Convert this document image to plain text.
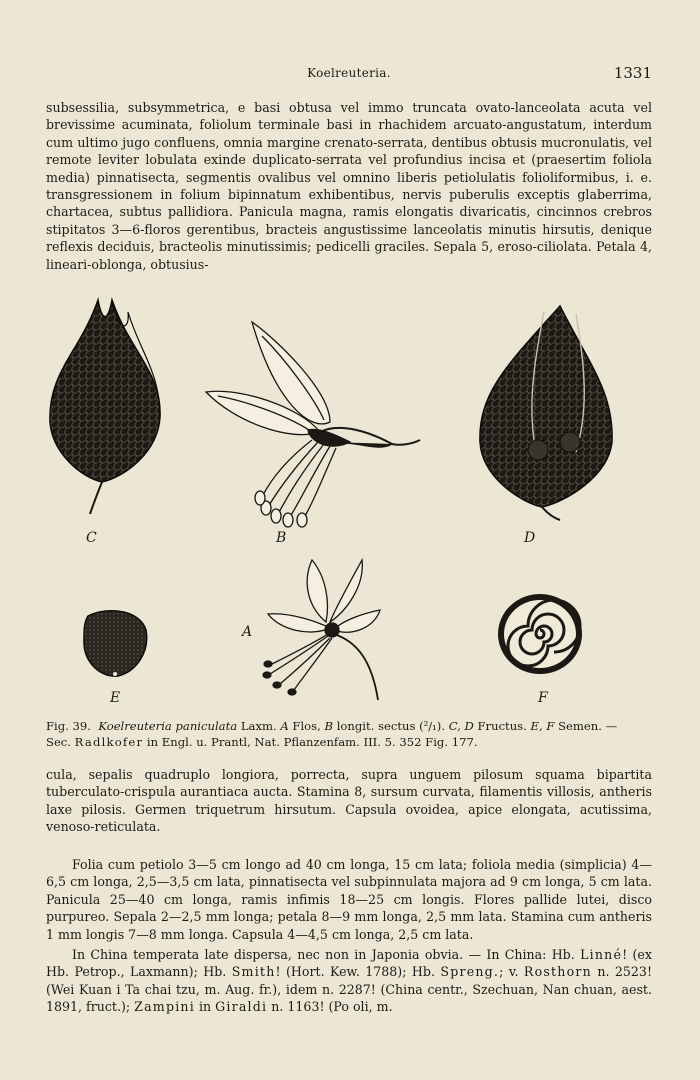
Koelreuteria.	1331

subsessilia, subsymmetrica, e basi obtusa vel immo truncata ovato-lanceolata acuta vel brevissime acuminata, foliolum terminale basi in rhachidem arcuato-angustatum, interdum cum ultimo jugo confluens, omnia margine crenato-serrata, dentibus obtusis mucronulatis, vel remote leviter lobulata exinde duplicato-serrata vel profundius incisa et (praesertim foliola media) pinnatisecta, segmentis ovalibus vel omnino liberis petiolulatis folioliformibus, i. e. transgressionem in folium bipinnatum exhibentibus, nervis puberulis exceptis glaberrima, chartacea, subtus pallidiora. Panicula magna, ramis elongatis divaricatis, cincinnos crebros stipitatos 3—6-floros gerentibus, bracteis angustissime lanceolatis minutis hirsutis, denique reflexis deciduis, bracteolis minutissimis; pedicelli graciles. Sepala 5, eroso-ciliolata. Petala 4, lineari-oblonga, obtusius-

C	B	D
A
E	F

Fig. 39. Koelreuteria paniculata Laxm. A Flos, B longit. sectus (²/₁). C, D Fructus. E, F Semen. —
Sec. Radlkofer in Engl. u. Prantl, Nat. Pflanzenfam. III. 5. 352 Fig. 177.

cula, sepalis quadruplo longiora, porrecta, supra unguem pilosum squama bipartita tuberculato-crispula aurantiaca aucta. Stamina 8, sursum curvata, filamentis villosis, antheris laxe pilosis. Germen triquetrum hirsutum. Capsula ovoidea, apice elongata, acutissima, venoso-reticulata.

Folia cum petiolo 3—5 cm longo ad 40 cm longa, 15 cm lata; foliola media (simplicia) 4—6,5 cm longa, 2,5—3,5 cm lata, pinnatisecta vel subpinnulata majora ad 9 cm longa, 5 cm lata. Panicula 25—40 cm longa, ramis infimis 18—25 cm longis. Flores pallide lutei, disco purpureo. Sepala 2—2,5 mm longa; petala 8—9 mm longa, 2,5 mm lata. Stamina cum antheris 1 mm longis 7—8 mm longa. Capsula 4—4,5 cm longa, 2,5 cm lata.

In China temperata late dispersa, nec non in Japonia obvia. — In China: Hb. Linné! (ex Hb. Petrop., Laxmann); Hb. Smith! (Hort. Kew. 1788); Hb. Spreng.; v. Rosthorn n. 2523! (Wei Kuan i Ta chai tzu, m. Aug. fr.), idem n. 2287! (China centr., Szechuan, Nan chuan, aest. 1891, fruct.); Zampini in Giraldi n. 1163! (Po oli, m.
